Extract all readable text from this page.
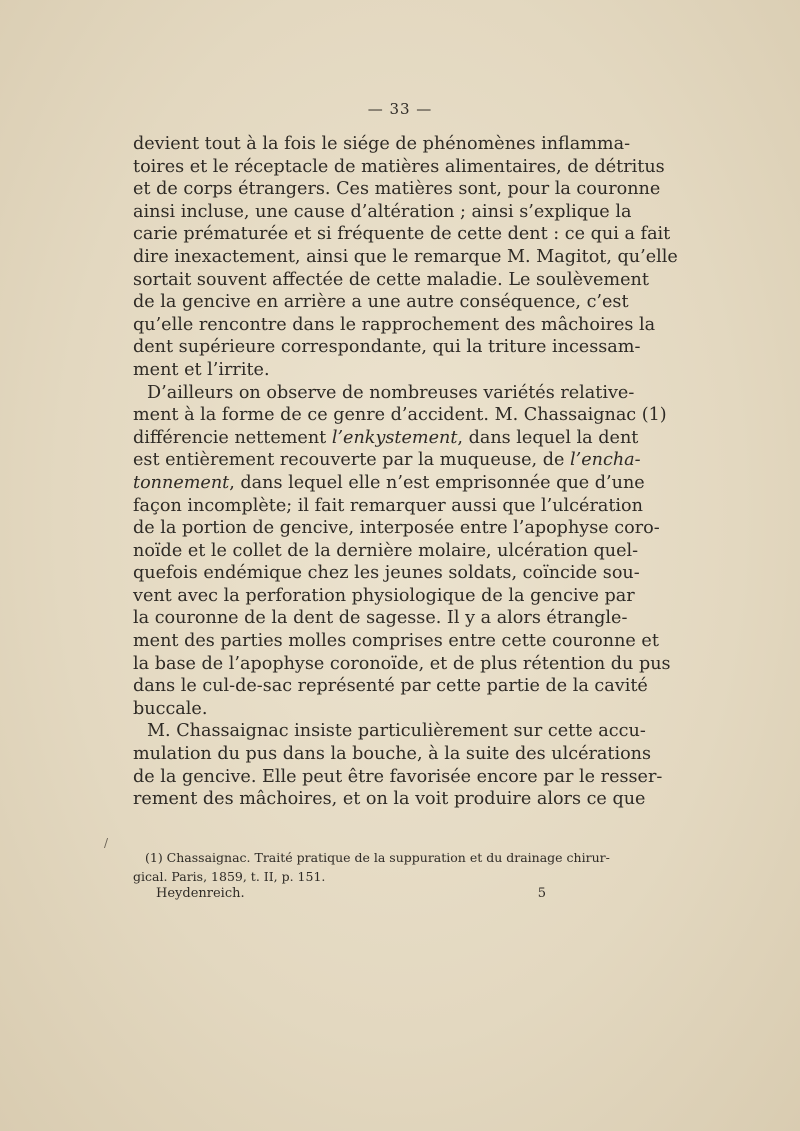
— 33 —
devient tout à la fois le siége de phénomènes inflamma-
toires et le réceptacle de matières alimentaires, de détritus
et de corps étrangers. Ces matières sont, pour la couronne
ainsi incluse, une cause d’altération ; ainsi s’explique la
carie prématurée et si fréquente de cette dent : ce qui a fait
dire inexactement, ainsi que le remarque M. Magitot, qu’elle
sortait souvent affectée de cette maladie. Le soulèvement
de la gencive en arrière a une autre conséquence, c’est
qu’elle rencontre dans le rapprochement des mâchoires la
dent supérieure correspondante, qui la triture incessam-
ment et l’irrite.
D’ailleurs on observe de nombreuses variétés relative-
ment à la forme de ce genre d’accident. M. Chassaignac (1)
différencie nettement l’enkystement, dans lequel la dent
est entièrement recouverte par la muqueuse, de l’encha-
tonnement, dans lequel elle n’est emprisonnée que d’une
façon incomplète; il fait remarquer aussi que l’ulcération
de la portion de gencive, interposée entre l’apophyse coro-
noïde et le collet de la dernière molaire, ulcération quel-
quefois endémique chez les jeunes soldats, coïncide sou-
vent avec la perforation physiologique de la gencive par
la couronne de la dent de sagesse. Il y a alors étrangle-
ment des parties molles comprises entre cette couronne et
la base de l’apophyse coronoïde, et de plus rétention du pus
dans le cul-de-sac représenté par cette partie de la cavité
buccale.
M. Chassaignac insiste particulièrement sur cette accu-
mulation du pus dans la bouche, à la suite des ulcérations
de la gencive. Elle peut être favorisée encore par le resser-
rement des mâchoires, et on la voit produire alors ce que
/
(1) Chassaignac. Traité pratique de la suppuration et du drainage chirur-
gical. Paris, 1859, t. II, p. 151.
Heydenreich.	5
